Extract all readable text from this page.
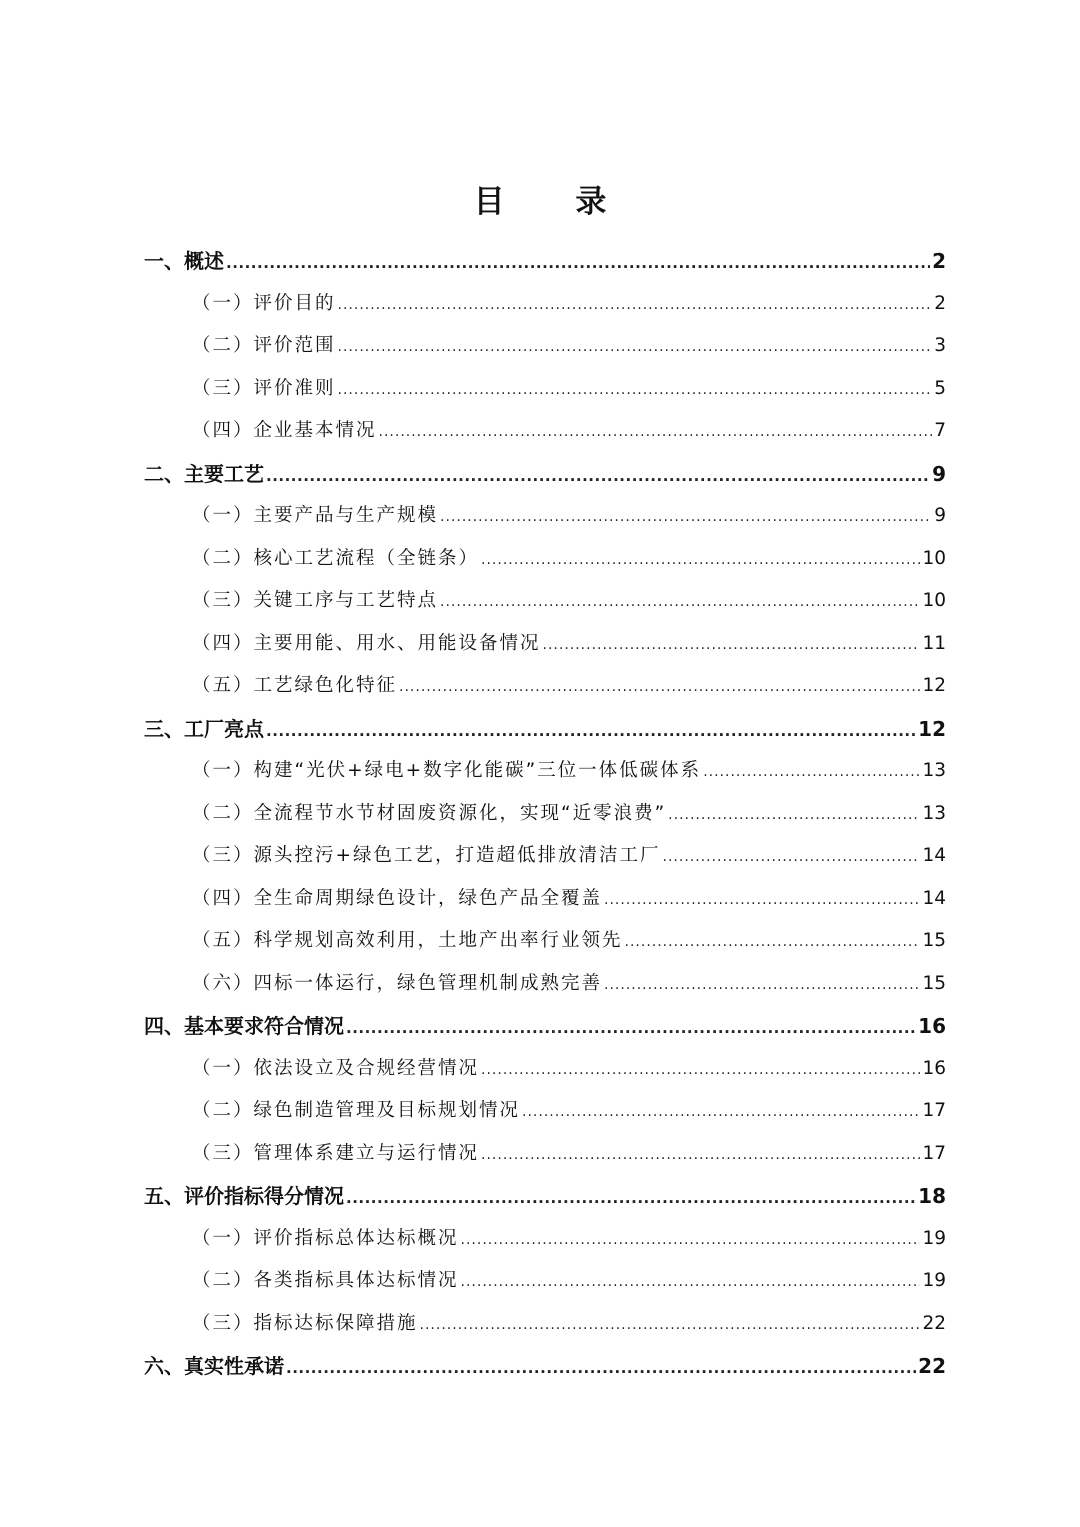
目 录
一、概述 .....	2
（一）评价目的 .....	2
（二）评价范围 .....	3
（三）评价准则 .....	5
（四）企业基本情况 .....	7
二、主要工艺 .....	9
（一）主要产品与生产规模 .....	9
（二）核心工艺流程（全链条） .....	10
（三）关键工序与工艺特点 .....	10
（四）主要用能、用水、用能设备情况 .....	11
（五）工艺绿色化特征 .....	12
三、工厂亮点 .....	12
（一）构建“光伏+绿电+数字化能碳”三位一体低碳体系 .....	13
（二）全流程节水节材固废资源化，实现“近零浪费” .....	13
（三）源头控污+绿色工艺，打造超低排放清洁工厂 .....	14
（四）全生命周期绿色设计，绿色产品全覆盖 .....	14
（五）科学规划高效利用，土地产出率行业领先 .....	15
（六）四标一体运行，绿色管理机制成熟完善 .....	15
四、基本要求符合情况 .....	16
（一）依法设立及合规经营情况 .....	16
（二）绿色制造管理及目标规划情况 .....	17
（三）管理体系建立与运行情况 .....	17
五、评价指标得分情况 .....	18
（一）评价指标总体达标概况 .....	19
（二）各类指标具体达标情况 .....	19
（三）指标达标保障措施 .....	22
六、真实性承诺 .....	22
